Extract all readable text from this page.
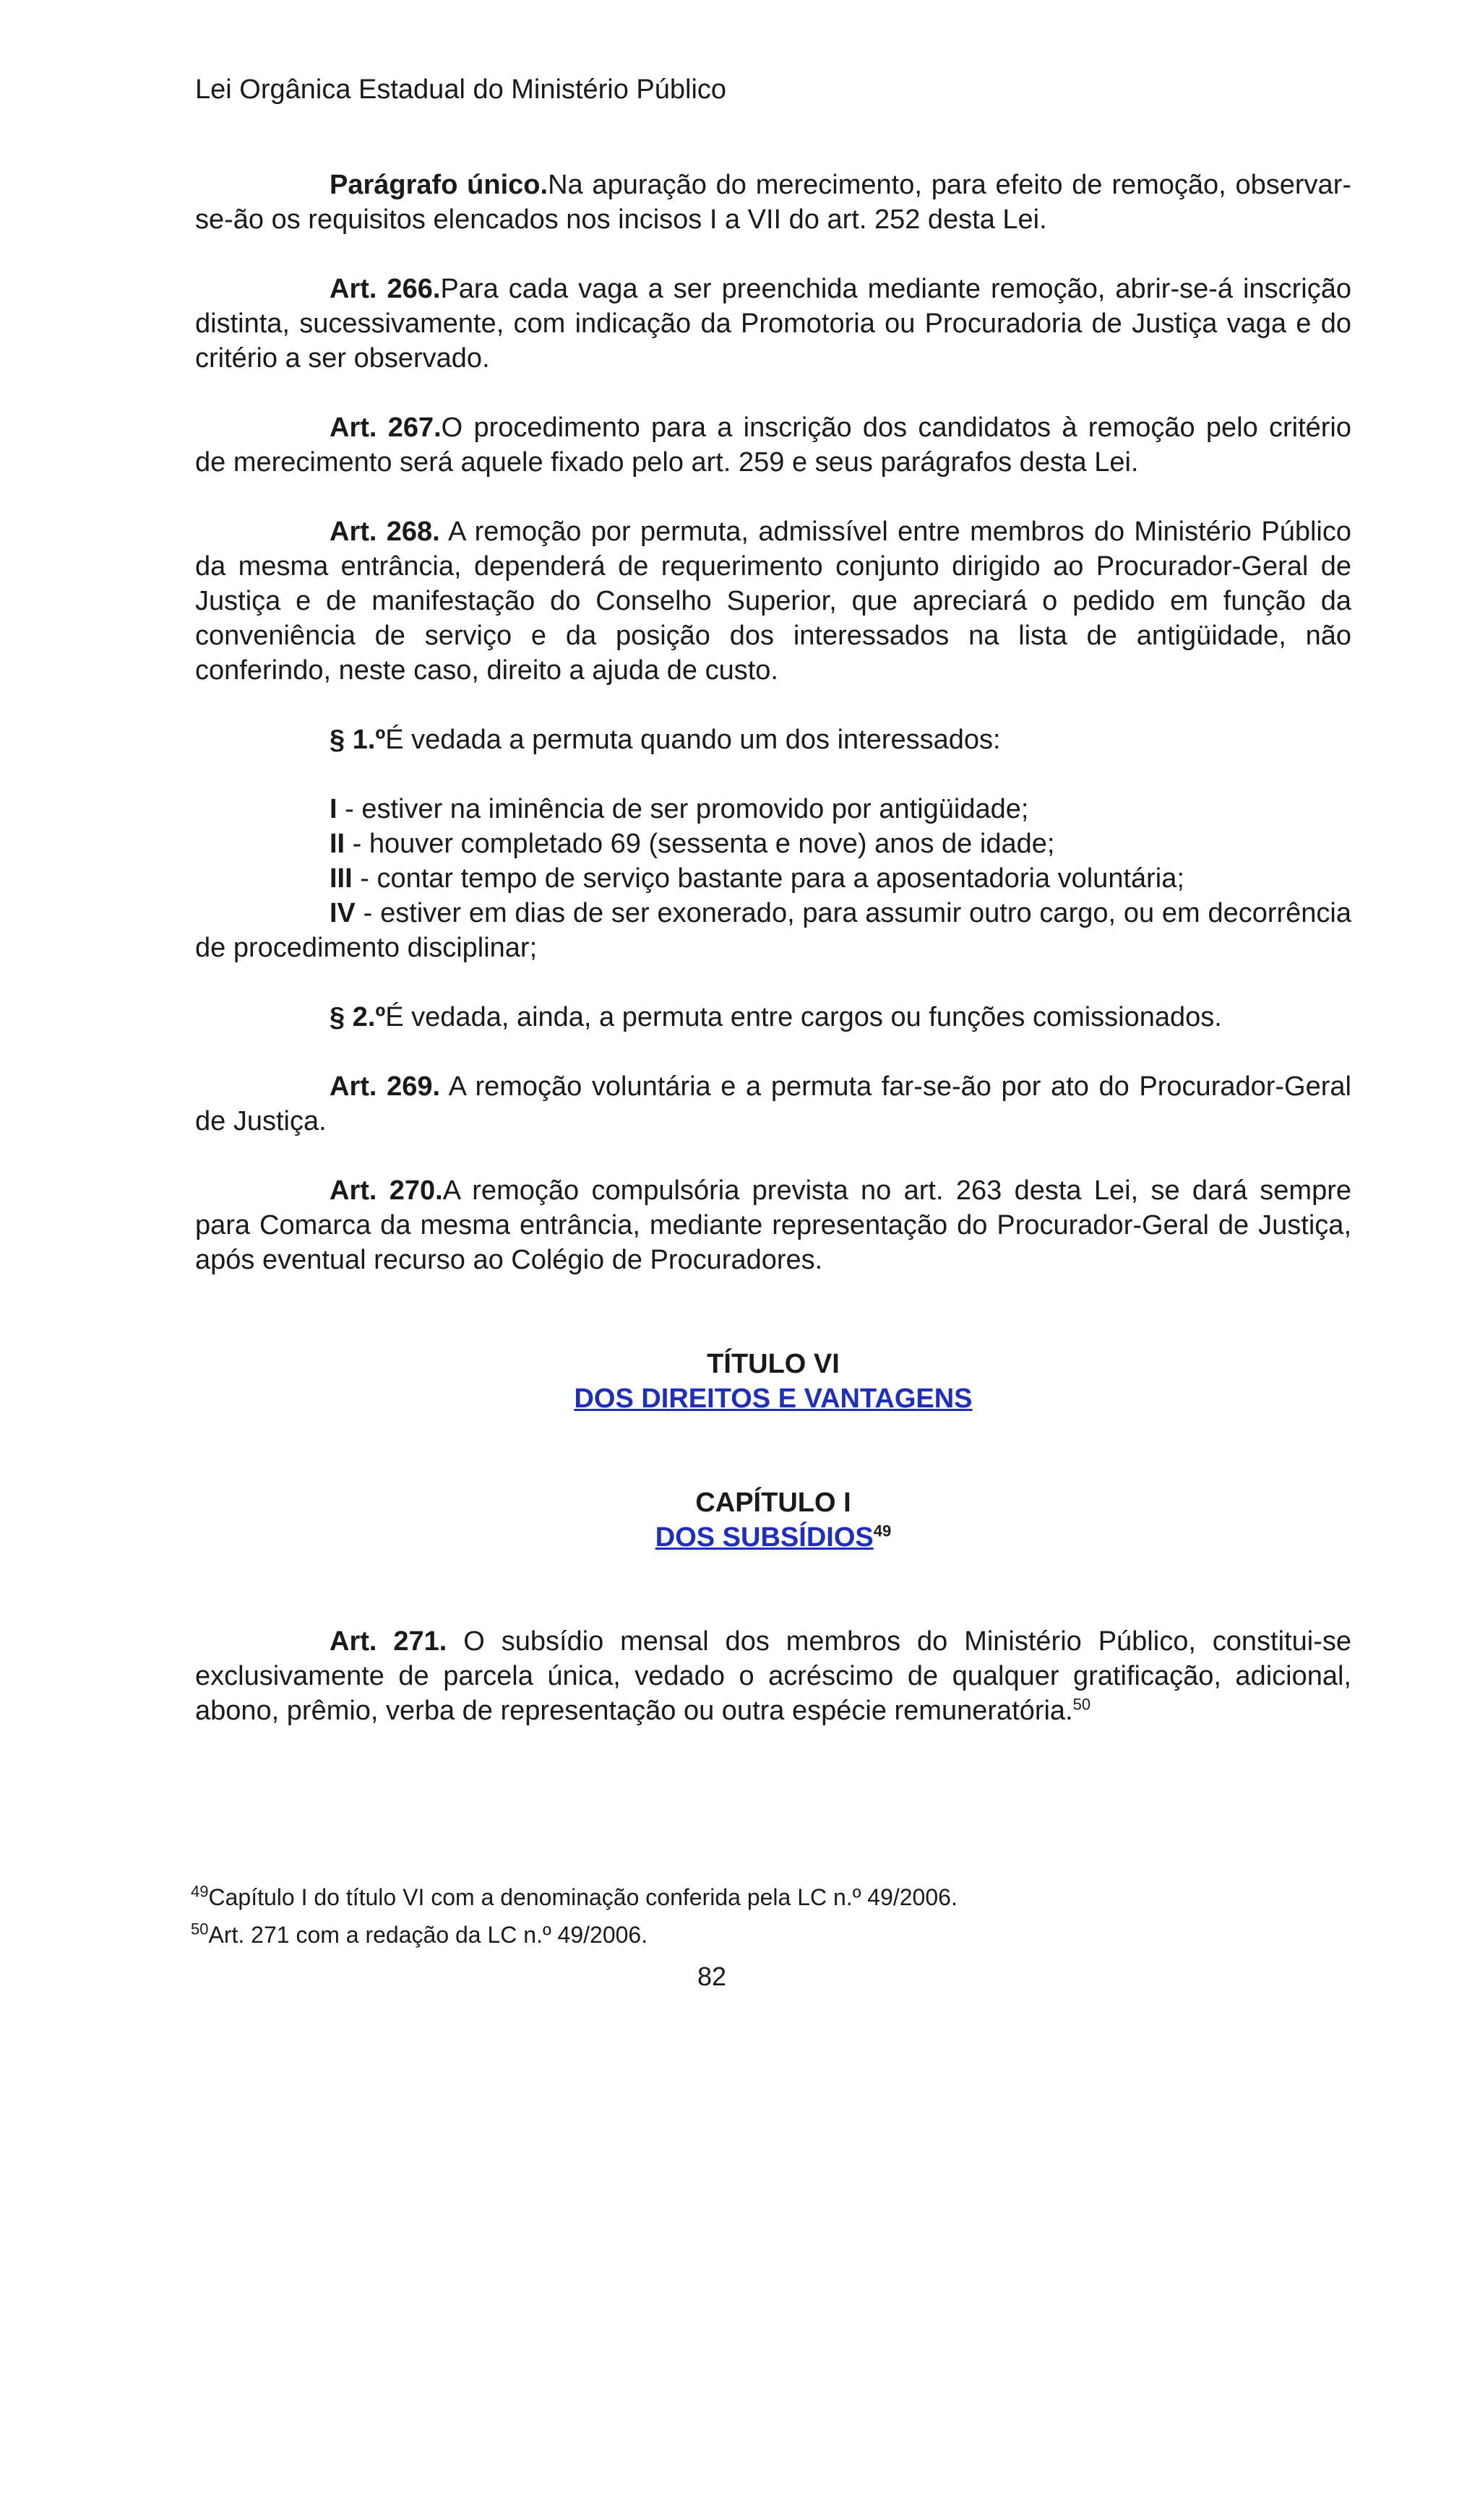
Lei Orgânica Estadual do Ministério Público

Parágrafo único.Na apuração do merecimento, para efeito de remoção, observar-se-ão os requisitos elencados nos incisos I a VII do art. 252 desta Lei.

Art. 266.Para cada vaga a ser preenchida mediante remoção, abrir-se-á inscrição distinta, sucessivamente, com indicação da Promotoria ou Procuradoria de Justiça vaga e do critério a ser observado.

Art. 267.O procedimento para a inscrição dos candidatos à remoção pelo critério de merecimento será aquele fixado pelo art. 259 e seus parágrafos desta Lei.

Art. 268. A remoção por permuta, admissível entre membros do Ministério Público da mesma entrância, dependerá de requerimento conjunto dirigido ao Procurador-Geral de Justiça e de manifestação do Conselho Superior, que apreciará o pedido em função da conveniência de serviço e da posição dos interessados na lista de antigüidade, não conferindo, neste caso, direito a ajuda de custo.

§ 1.ºÉ vedada a permuta quando um dos interessados:

I - estiver na iminência de ser promovido por antigüidade;
II - houver completado 69 (sessenta e nove) anos de idade;
III - contar tempo de serviço bastante para a aposentadoria voluntária;
IV - estiver em dias de ser exonerado, para assumir outro cargo, ou em decorrência de procedimento disciplinar;

§ 2.ºÉ vedada, ainda, a permuta entre cargos ou funções comissionados.

Art. 269. A remoção voluntária e a permuta far-se-ão por ato do Procurador-Geral de Justiça.

Art. 270.A remoção compulsória prevista no art. 263 desta Lei, se dará sempre para Comarca da mesma entrância, mediante representação do Procurador-Geral de Justiça, após eventual recurso ao Colégio de Procuradores.

TÍTULO VI
DOS DIREITOS E VANTAGENS
CAPÍTULO I
DOS SUBSÍDIOS$^{49}$

Art. 271. O subsídio mensal dos membros do Ministério Público, constitui-se exclusivamente de parcela única, vedado o acréscimo de qualquer gratificação, adicional, abono, prêmio, verba de representação ou outra espécie remuneratória.$^{50}$

$^{49}$Capítulo I do título VI com a denominação conferida pela LC n.º 49/2006.
$^{50}$Art. 271 com a redação da LC n.º 49/2006.
82
